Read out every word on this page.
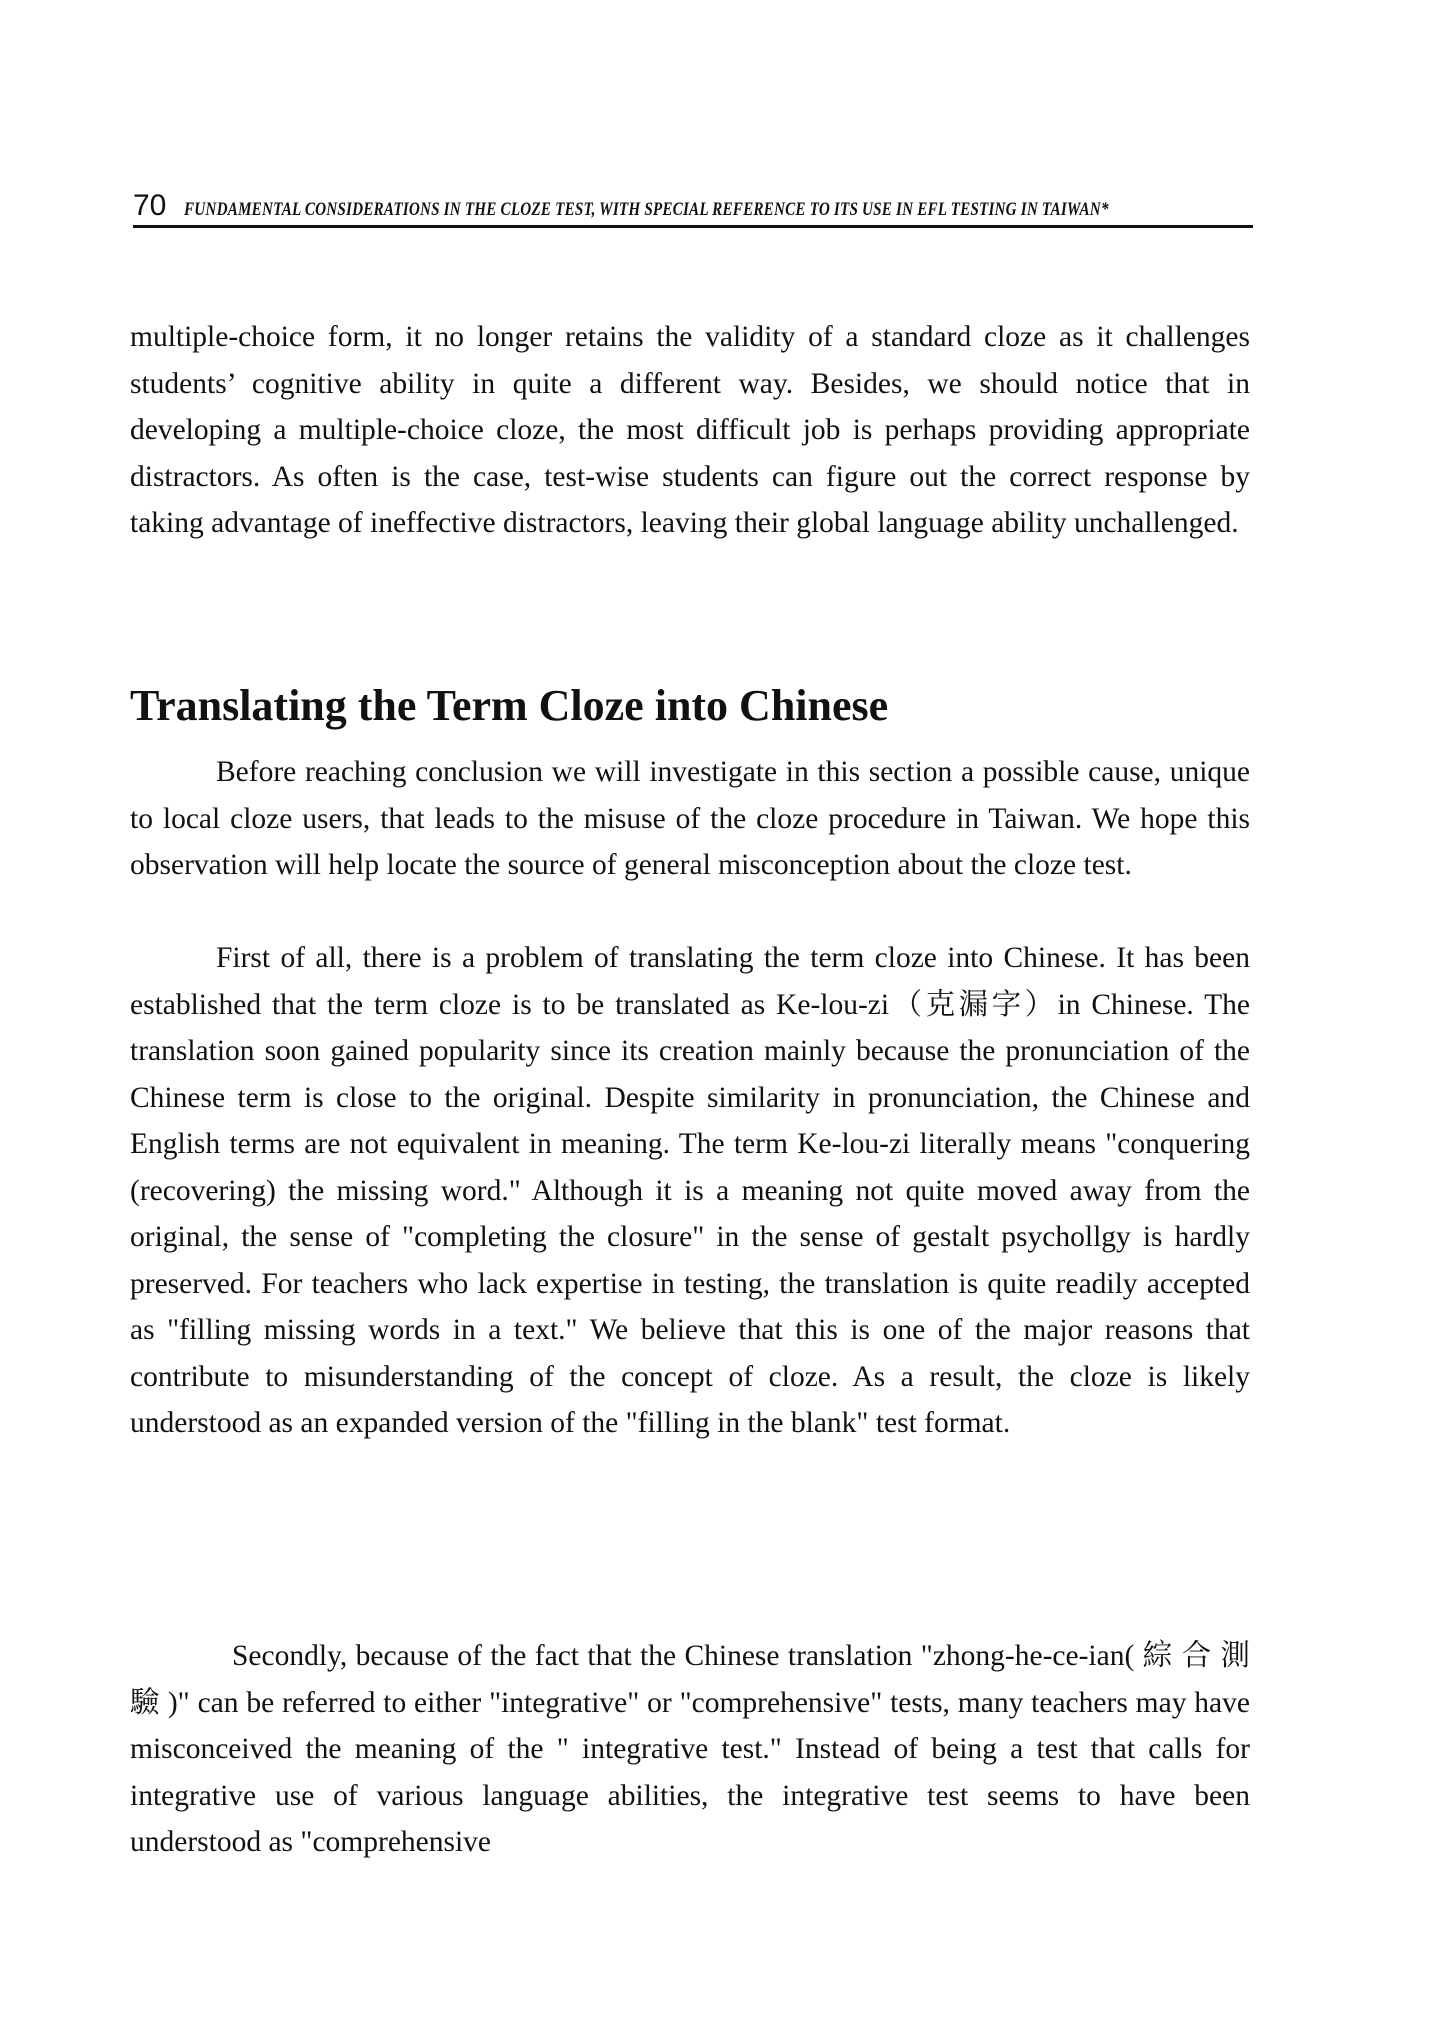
70 FUNDAMENTAL CONSIDERATIONS IN THE CLOZE TEST, WITH SPECIAL REFERENCE TO ITS USE IN EFL TESTING IN TAIWAN*

multiple-choice form, it no longer retains the validity of a standard cloze as it challenges students’ cognitive ability in quite a different way. Besides, we should notice that in developing a multiple-choice cloze, the most difficult job is perhaps providing appropriate distractors. As often is the case, test-wise students can figure out the correct response by taking advantage of ineffective distractors, leaving their global language ability unchallenged.

Translating the Term Cloze into Chinese

Before reaching conclusion we will investigate in this section a possible cause, unique to local cloze users, that leads to the misuse of the cloze procedure in Taiwan. We hope this observation will help locate the source of general misconception about the cloze test.

First of all, there is a problem of translating the term cloze into Chinese. It has been established that the term cloze is to be translated as Ke-lou-zi（克漏字）in Chinese. The translation soon gained popularity since its creation mainly because the pronunciation of the Chinese term is close to the original. Despite similarity in pronunciation, the Chinese and English terms are not equivalent in meaning. The term Ke-lou-zi literally means "conquering (recovering) the missing word." Although it is a meaning not quite moved away from the original, the sense of "completing the closure" in the sense of gestalt psychollgy is hardly preserved. For teachers who lack expertise in testing, the translation is quite readily accepted as "filling missing words in a text." We believe that this is one of the major reasons that contribute to misunderstanding of the concept of cloze. As a result, the cloze is likely understood as an expanded version of the "filling in the blank" test format.

Secondly, because of the fact that the Chinese translation "zhong-he-ce-ian( 綜 合 測 驗 )" can be referred to either "integrative" or "comprehensive" tests, many teachers may have misconceived the meaning of the " integrative test." Instead of being a test that calls for integrative use of various language abilities, the integrative test seems to have been understood as "comprehensive
